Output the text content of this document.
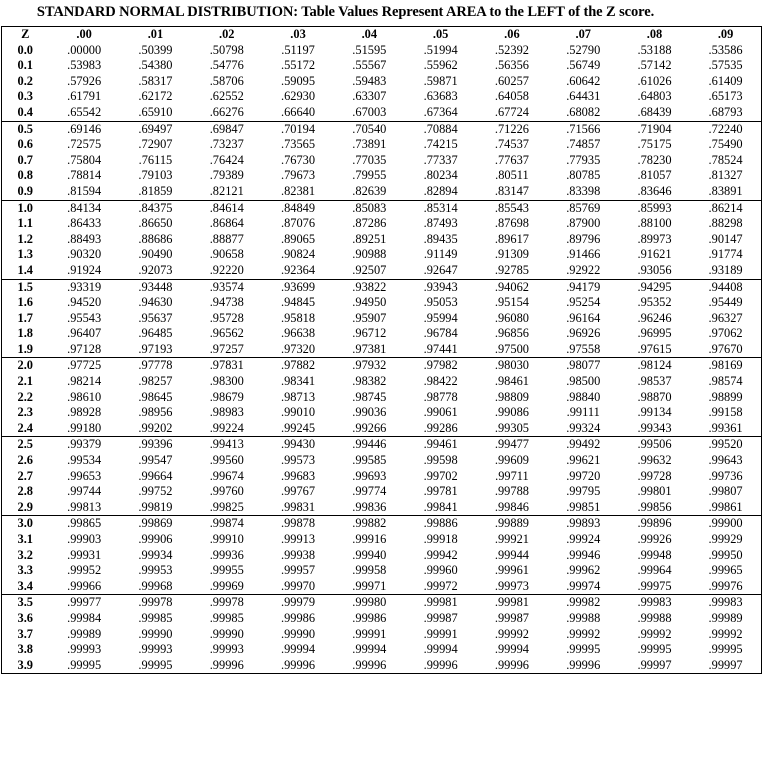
STANDARD NORMAL DISTRIBUTION: Table Values Represent AREA to the LEFT of the Z score.
Z	.00	.01	.02	.03	.04	.05	.06	.07	.08	.09
0.0	.00000	.50399	.50798	.51197	.51595	.51994	.52392	.52790	.53188	.53586
0.1	.53983	.54380	.54776	.55172	.55567	.55962	.56356	.56749	.57142	.57535
0.2	.57926	.58317	.58706	.59095	.59483	.59871	.60257	.60642	.61026	.61409
0.3	.61791	.62172	.62552	.62930	.63307	.63683	.64058	.64431	.64803	.65173
0.4	.65542	.65910	.66276	.66640	.67003	.67364	.67724	.68082	.68439	.68793
0.5	.69146	.69497	.69847	.70194	.70540	.70884	.71226	.71566	.71904	.72240
0.6	.72575	.72907	.73237	.73565	.73891	.74215	.74537	.74857	.75175	.75490
0.7	.75804	.76115	.76424	.76730	.77035	.77337	.77637	.77935	.78230	.78524
0.8	.78814	.79103	.79389	.79673	.79955	.80234	.80511	.80785	.81057	.81327
0.9	.81594	.81859	.82121	.82381	.82639	.82894	.83147	.83398	.83646	.83891
1.0	.84134	.84375	.84614	.84849	.85083	.85314	.85543	.85769	.85993	.86214
1.1	.86433	.86650	.86864	.87076	.87286	.87493	.87698	.87900	.88100	.88298
1.2	.88493	.88686	.88877	.89065	.89251	.89435	.89617	.89796	.89973	.90147
1.3	.90320	.90490	.90658	.90824	.90988	.91149	.91309	.91466	.91621	.91774
1.4	.91924	.92073	.92220	.92364	.92507	.92647	.92785	.92922	.93056	.93189
1.5	.93319	.93448	.93574	.93699	.93822	.93943	.94062	.94179	.94295	.94408
1.6	.94520	.94630	.94738	.94845	.94950	.95053	.95154	.95254	.95352	.95449
1.7	.95543	.95637	.95728	.95818	.95907	.95994	.96080	.96164	.96246	.96327
1.8	.96407	.96485	.96562	.96638	.96712	.96784	.96856	.96926	.96995	.97062
1.9	.97128	.97193	.97257	.97320	.97381	.97441	.97500	.97558	.97615	.97670
2.0	.97725	.97778	.97831	.97882	.97932	.97982	.98030	.98077	.98124	.98169
2.1	.98214	.98257	.98300	.98341	.98382	.98422	.98461	.98500	.98537	.98574
2.2	.98610	.98645	.98679	.98713	.98745	.98778	.98809	.98840	.98870	.98899
2.3	.98928	.98956	.98983	.99010	.99036	.99061	.99086	.99111	.99134	.99158
2.4	.99180	.99202	.99224	.99245	.99266	.99286	.99305	.99324	.99343	.99361
2.5	.99379	.99396	.99413	.99430	.99446	.99461	.99477	.99492	.99506	.99520
2.6	.99534	.99547	.99560	.99573	.99585	.99598	.99609	.99621	.99632	.99643
2.7	.99653	.99664	.99674	.99683	.99693	.99702	.99711	.99720	.99728	.99736
2.8	.99744	.99752	.99760	.99767	.99774	.99781	.99788	.99795	.99801	.99807
2.9	.99813	.99819	.99825	.99831	.99836	.99841	.99846	.99851	.99856	.99861
3.0	.99865	.99869	.99874	.99878	.99882	.99886	.99889	.99893	.99896	.99900
3.1	.99903	.99906	.99910	.99913	.99916	.99918	.99921	.99924	.99926	.99929
3.2	.99931	.99934	.99936	.99938	.99940	.99942	.99944	.99946	.99948	.99950
3.3	.99952	.99953	.99955	.99957	.99958	.99960	.99961	.99962	.99964	.99965
3.4	.99966	.99968	.99969	.99970	.99971	.99972	.99973	.99974	.99975	.99976
3.5	.99977	.99978	.99978	.99979	.99980	.99981	.99981	.99982	.99983	.99983
3.6	.99984	.99985	.99985	.99986	.99986	.99987	.99987	.99988	.99988	.99989
3.7	.99989	.99990	.99990	.99990	.99991	.99991	.99992	.99992	.99992	.99992
3.8	.99993	.99993	.99993	.99994	.99994	.99994	.99994	.99995	.99995	.99995
3.9	.99995	.99995	.99996	.99996	.99996	.99996	.99996	.99996	.99997	.99997
